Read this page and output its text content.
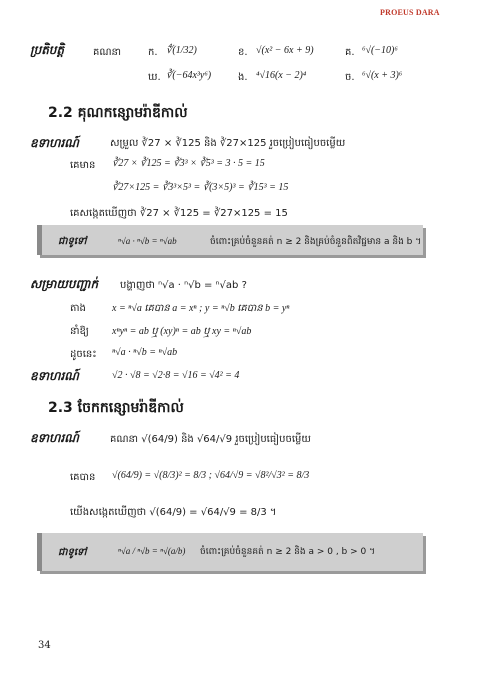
PROEUS DARA
ប្រតិបត្តិ	គណនា	ក. ∜(1/32)	ខ. √(x² − 6x + 9)	គ. ⁶√(−10)⁶
ឃ. ∛(−64x³y⁶)	ង. ⁴√16(x − 2)⁴	ច. ⁶√(x + 3)⁶
2.2 គុណកន្សោមរ៉ាឌីកាល់
ឧទាហរណ៍	សម្រួល ∛27 × ∛125 និង ∛27×125 រួចប្រៀបធៀបចម្លើយ
គេមាន ∛27 × ∛125 = ∛3³ × ∛5³ = 3 · 5 = 15
∛27×125 = ∛3³×5³ = ∛(3×5)³ = ∛15³ = 15
គេសង្កេតឃើញថា ∛27 × ∛125 = ∛27×125 = 15
ជាទូទៅ	ⁿ√a · ⁿ√b = ⁿ√ab	ចំពោះគ្រប់ចំនួនគត់ n ≥ 2 និងគ្រប់ចំនួនពិតវិជ្ជមាន a និង b ។
សម្រាយបញ្ជាក់ បង្ហាញថា ⁿ√a · ⁿ√b = ⁿ√ab ?
តាង	x = ⁿ√a គេបាន a = xⁿ ; y = ⁿ√b គេបាន b = yⁿ
នាំឱ្យ xⁿyⁿ = ab ឬ (xy)ⁿ = ab ឬ xy = ⁿ√ab
ដូចនេះ ⁿ√a · ⁿ√b = ⁿ√ab
ឧទាហរណ៍	√2 · √8 = √2·8 = √16 = √4² = 4
2.3 ចែកកន្សោមរ៉ាឌីកាល់
ឧទាហរណ៍	គណនា √(64/9) និង √64/√9 រួចប្រៀបធៀបចម្លើយ
គេបាន √(64/9) = √(8/3)² = 8/3 ; √64/√9 = √8²/√3² = 8/3
យើងសង្កេតឃើញថា √(64/9) = √64/√9 = 8/3 ។
ជាទូទៅ	ⁿ√a / ⁿ√b = ⁿ√(a/b) ចំពោះគ្រប់ចំនួនគត់ n ≥ 2 និង a > 0 , b > 0 ។
34
